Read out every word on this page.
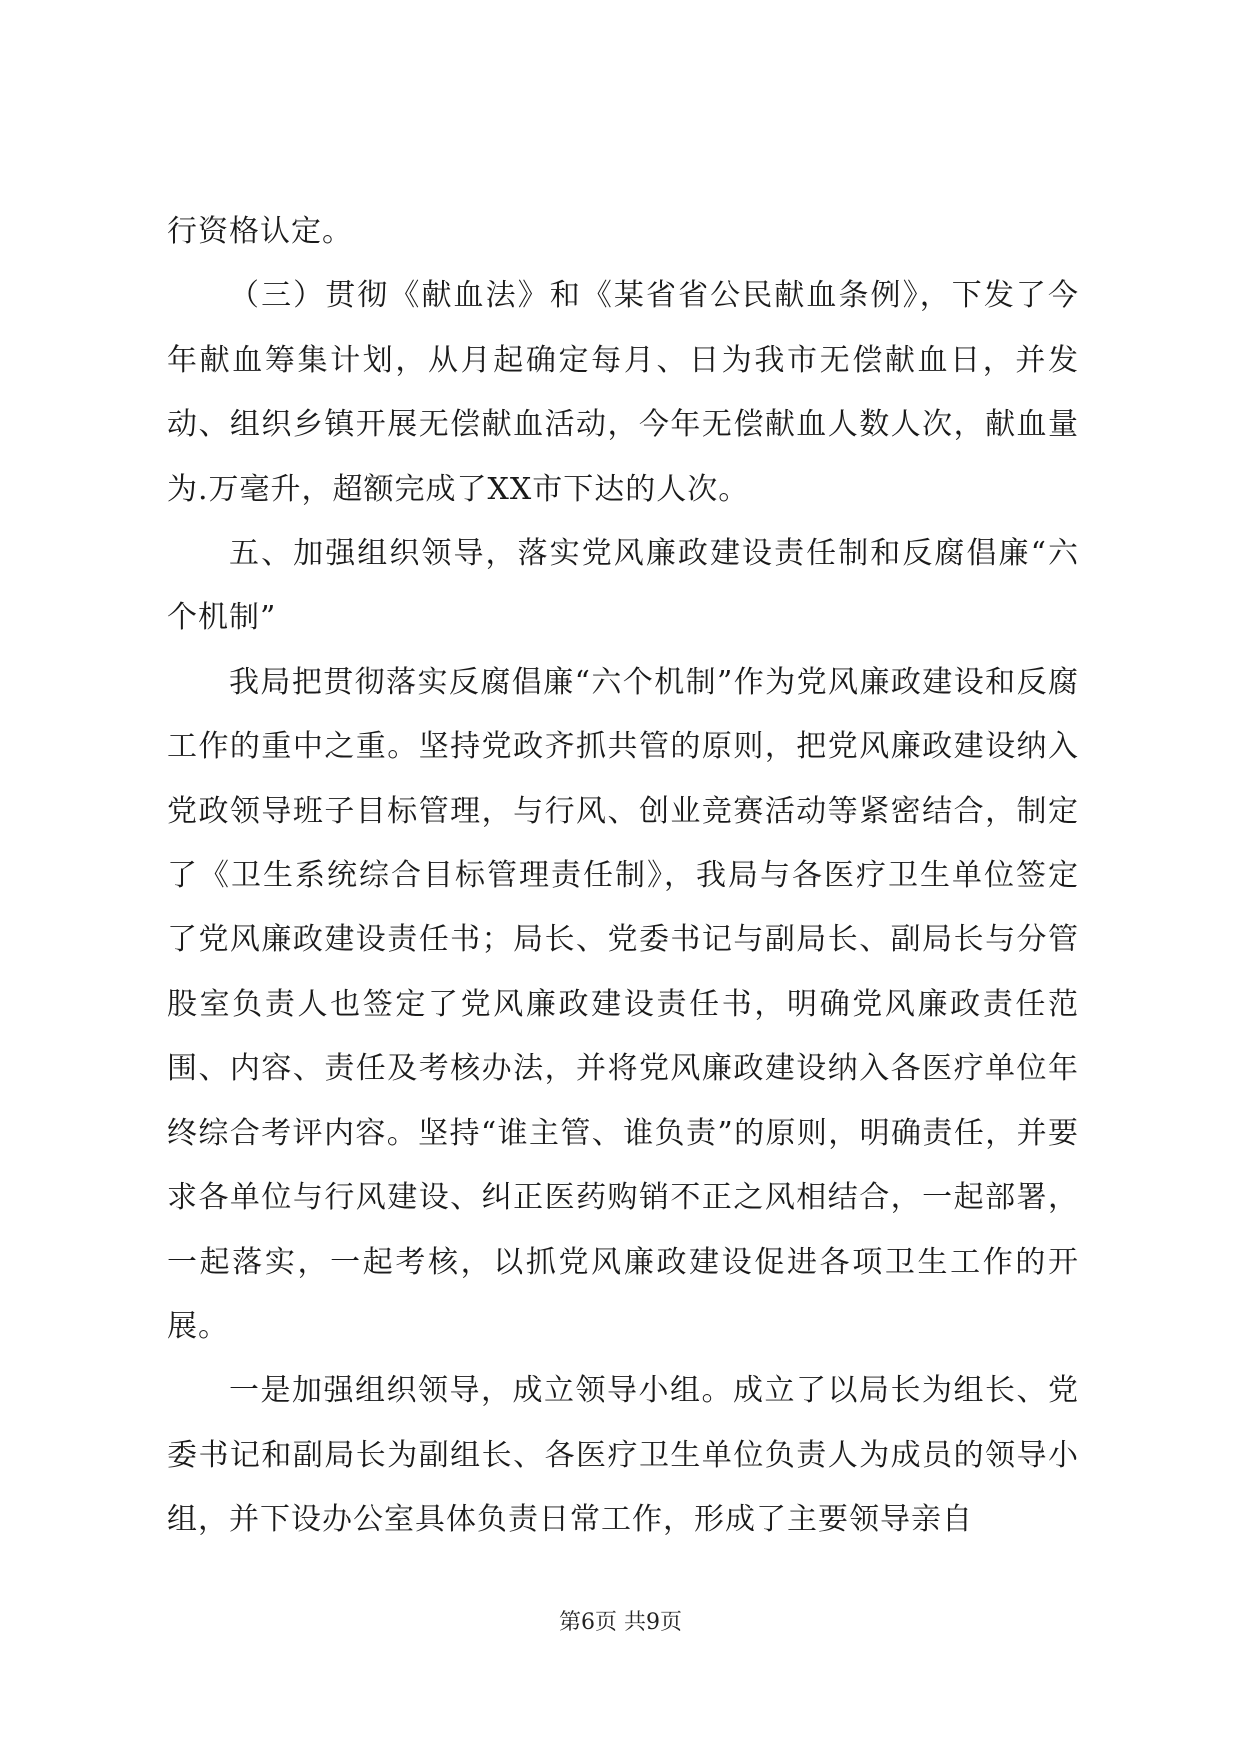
行资格认定。

（三）贯彻《献血法》和《某省省公民献血条例》，下发了今年献血筹集计划，从月起确定每月、日为我市无偿献血日，并发动、组织乡镇开展无偿献血活动，今年无偿献血人数人次，献血量为.万毫升，超额完成了XX市下达的人次。

五、加强组织领导，落实党风廉政建设责任制和反腐倡廉“六个机制”

我局把贯彻落实反腐倡廉“六个机制”作为党风廉政建设和反腐工作的重中之重。坚持党政齐抓共管的原则，把党风廉政建设纳入党政领导班子目标管理，与行风、创业竞赛活动等紧密结合，制定了《卫生系统综合目标管理责任制》，我局与各医疗卫生单位签定了党风廉政建设责任书；局长、党委书记与副局长、副局长与分管股室负责人也签定了党风廉政建设责任书，明确党风廉政责任范围、内容、责任及考核办法，并将党风廉政建设纳入各医疗单位年终综合考评内容。坚持“谁主管、谁负责”的原则，明确责任，并要求各单位与行风建设、纠正医药购销不正之风相结合，一起部署，一起落实，一起考核，以抓党风廉政建设促进各项卫生工作的开展。

一是加强组织领导，成立领导小组。成立了以局长为组长、党委书记和副局长为副组长、各医疗卫生单位负责人为成员的领导小组，并下设办公室具体负责日常工作，形成了主要领导亲自

第6页 共9页
